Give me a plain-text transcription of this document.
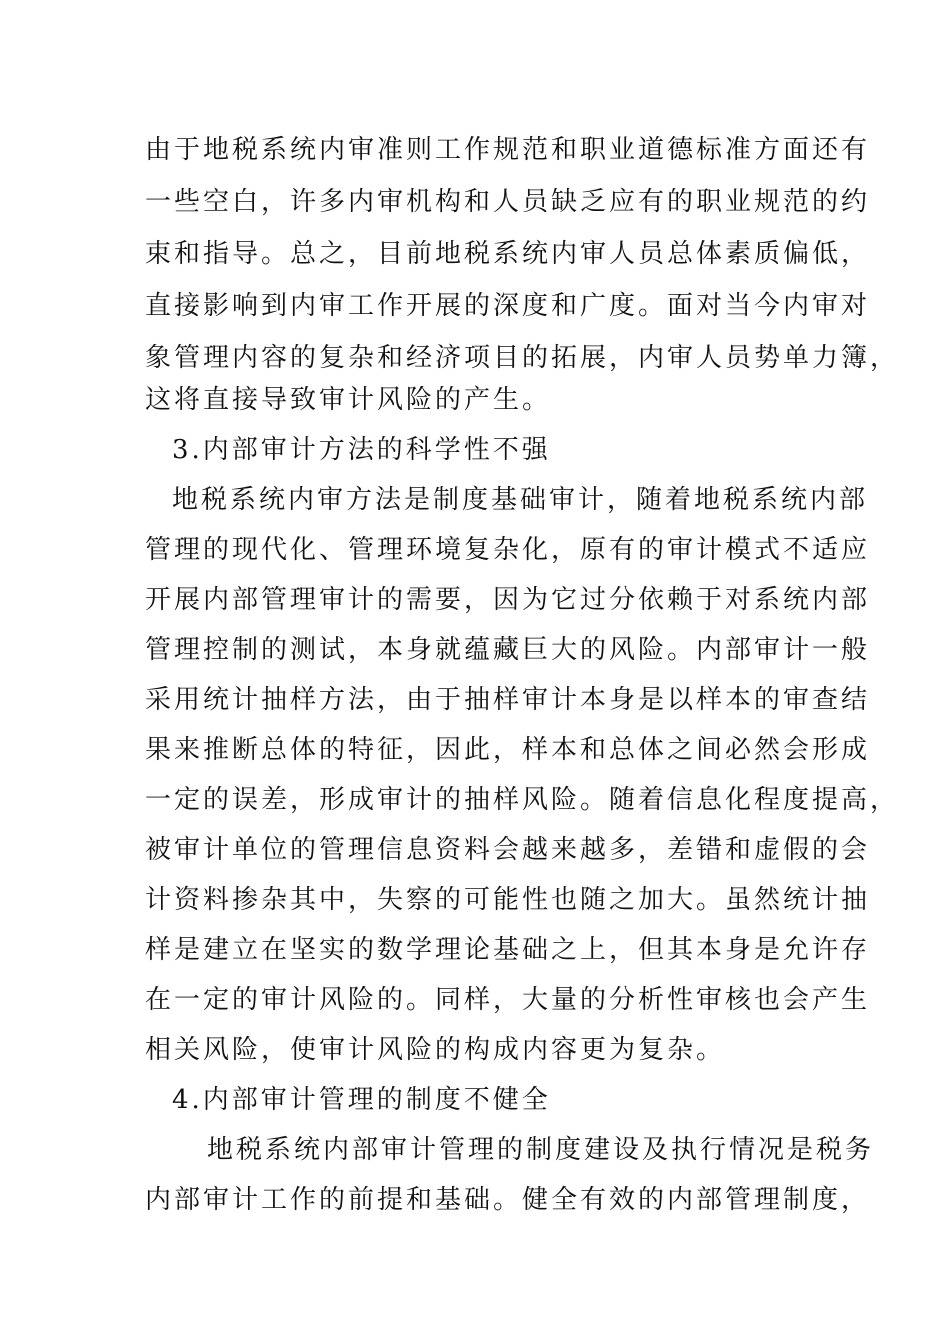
由于地税系统内审准则工作规范和职业道德标准方面还有
一些空白，许多内审机构和人员缺乏应有的职业规范的约
束和指导。总之，目前地税系统内审人员总体素质偏低，
直接影响到内审工作开展的深度和广度。面对当今内审对
象管理内容的复杂和经济项目的拓展，内审人员势单力簿，
这将直接导致审计风险的产生。
3.内部审计方法的科学性不强
地税系统内审方法是制度基础审计，随着地税系统内部
管理的现代化、管理环境复杂化，原有的审计模式不适应
开展内部管理审计的需要，因为它过分依赖于对系统内部
管理控制的测试，本身就蕴藏巨大的风险。内部审计一般
采用统计抽样方法，由于抽样审计本身是以样本的审查结
果来推断总体的特征，因此，样本和总体之间必然会形成
一定的误差，形成审计的抽样风险。随着信息化程度提高，
被审计单位的管理信息资料会越来越多，差错和虚假的会
计资料掺杂其中，失察的可能性也随之加大。虽然统计抽
样是建立在坚实的数学理论基础之上，但其本身是允许存
在一定的审计风险的。同样，大量的分析性审核也会产生
相关风险，使审计风险的构成内容更为复杂。
4.内部审计管理的制度不健全
地税系统内部审计管理的制度建设及执行情况是税务
内部审计工作的前提和基础。健全有效的内部管理制度，
